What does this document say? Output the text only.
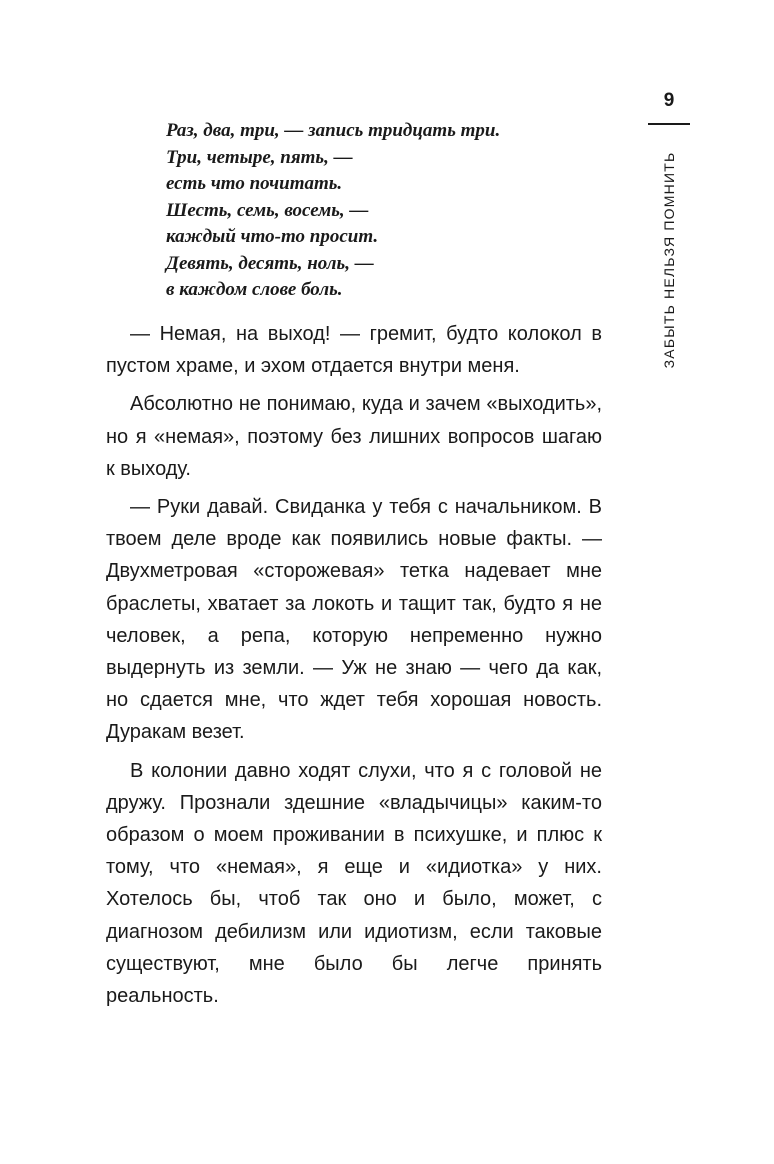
9
ЗАБЫТЬ НЕЛЬЗЯ ПОМНИТЬ
Раз, два, три, — запись тридцать три.
Три, четыре, пять, —
есть что почитать.
Шесть, семь, восемь, —
каждый что-то просит.
Девять, десять, ноль, —
в каждом слове боль.

— Немая, на выход! — гремит, будто колокол в пустом храме, и эхом отдается внутри меня.

Абсолютно не понимаю, куда и зачем «выходить», но я «немая», поэтому без лишних вопросов шагаю к выходу.

— Руки давай. Свиданка у тебя с начальником. В твоем деле вроде как появились новые факты. — Двухметровая «сторожевая» тетка надевает мне браслеты, хватает за локоть и тащит так, будто я не человек, а репа, которую непременно нужно выдернуть из земли. — Уж не знаю — чего да как, но сдается мне, что ждет тебя хорошая новость. Дуракам везет.

В колонии давно ходят слухи, что я с головой не дружу. Прознали здешние «владычицы» каким-то образом о моем проживании в психушке, и плюс к тому, что «немая», я еще и «идиотка» у них. Хотелось бы, чтоб так оно и было, может, с диагнозом дебилизм или идиотизм, если таковые существуют, мне было бы легче принять реальность.
